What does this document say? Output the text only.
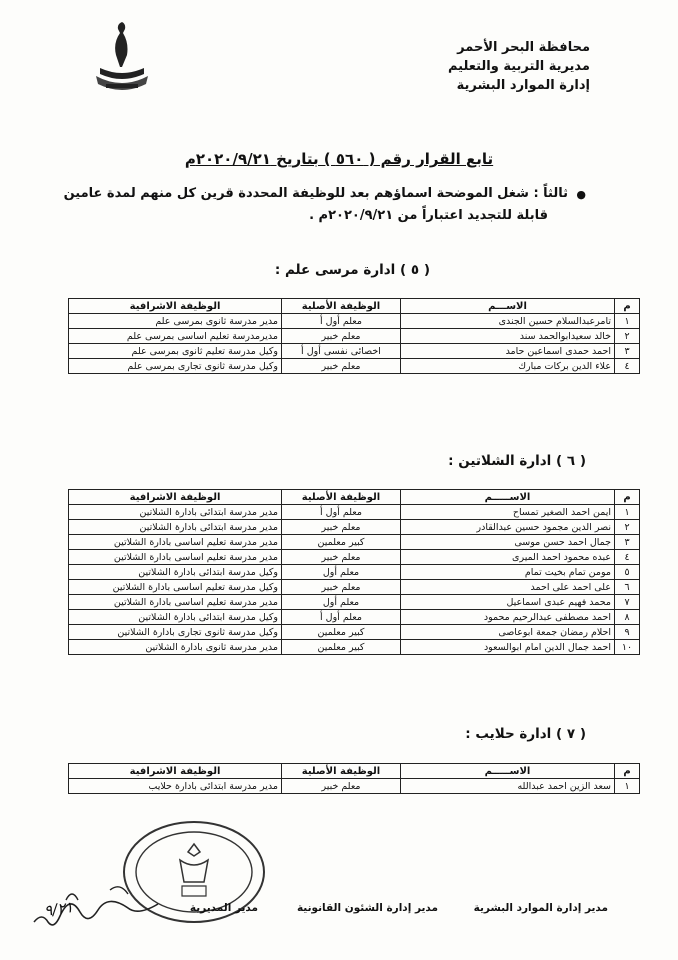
محافظة البحر الأحمر
مديرية التربية والتعليم
إدارة الموارد البشرية
تابع القرار رقم ( ٥٦٠ ) بتاريخ ٢٠٢٠/٩/٢١م
●
ثالثاً : شغل الموضحة اسماؤهم بعد للوظيفة المحددة قرين كل منهم لمدة عامين
قابلة للتجديد اعتباراً من ٢٠٢٠/٩/٢١م .
( ٥ ) ادارة مرسى علم :
م	الاســـم	الوظيفة الأصلية	الوظيفة الاشرافية
١	تامرعبدالسلام حسين الجندى	معلم أول أ	مدير مدرسة ثانوى بمرسى علم
٢	خالد سعيدابوالحمد سند	معلم خبير	مديرمدرسة تعليم اساسى بمرسى علم
٣	احمد حمدى اسماعين حامد	اخصائى نفسى أول أ	وكيل مدرسة تعليم ثانوى بمرسى علم
٤	علاء الدين بركات مبارك	معلم خبير	وكيل مدرسة ثانوى تجارى بمرسى علم
( ٦ ) ادارة الشلاتين :
م	الاســـــم	الوظيفة الأصلية	الوظيفة الاشرافية
١	ايمن احمد الصغير تمساح	معلم أول أ	مدير مدرسة ابتدائى بادارة الشلاتين
٢	نصر الدين مجمود حسين عبدالقادر	معلم خبير	مدير مدرسة ابتدائى بادارة الشلاتين
٣	جمال احمد حسن موسى	كبير معلمين	مدير مدرسة تعليم اساسى بادارة الشلاتين
٤	عبده محمود احمد الميرى	معلم خبير	مدير مدرسة تعليم اساسى بادارة الشلاتين
٥	مومن تمام بخيت تمام	معلم أول	وكيل مدرسة ابتدائى بادارة الشلاتين
٦	على احمد على احمد	معلم خبير	وكيل مدرسة تعليم اساسى بادارة الشلاتين
٧	محمد فهيم عبدى اسماعيل	معلم أول	مدير مدرسة تعليم اساسى بادارة الشلاتين
٨	احمد مصطفى عبدالرحيم محمود	معلم أول أ	وكيل مدرسة ابتدائى بادارة الشلاتين
٩	احلام رمضان جمعة ابوعاصى	كبير معلمين	وكيل مدرسة ثانوى تجارى بادارة الشلاتين
١٠	احمد جمال الدين امام ابوالسعود	كبير معلمين	مدير مدرسة ثانوى بادارة الشلاتين
( ٧ ) ادارة حلايب :
م	الاســـــم	الوظيفة الأصلية	الوظيفة الاشرافية
١	سعد الزين احمد عبدالله	معلم خبير	مدير مدرسة ابتدائى بادارة حلايب
٩/٢١	مدير إدارة الموارد البشرية
مدير إدارة الشئون القانونية
مدير المديرية
